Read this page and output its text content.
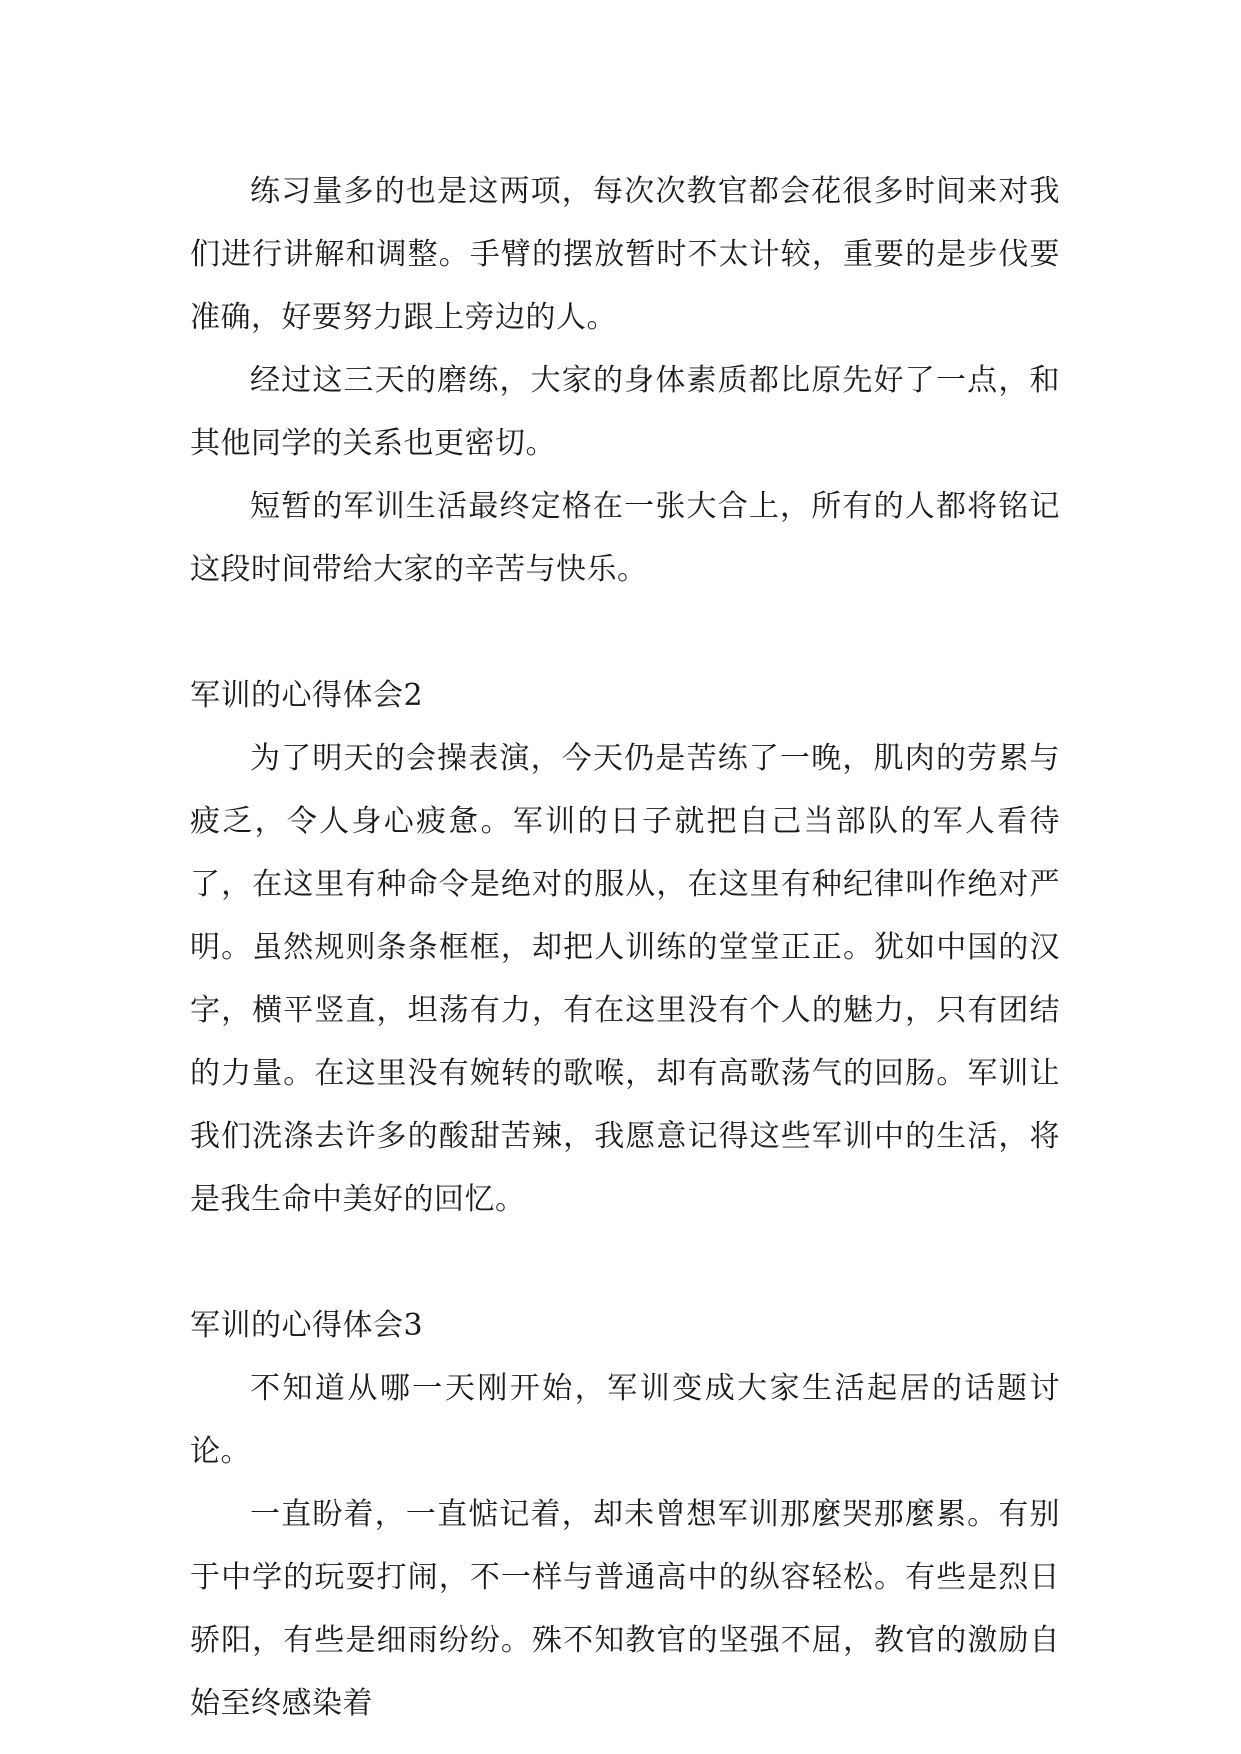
练习量多的也是这两项，每次次教官都会花很多时间来对我们进行讲解和调整。手臂的摆放暂时不太计较，重要的是步伐要准确，好要努力跟上旁边的人。

经过这三天的磨练，大家的身体素质都比原先好了一点，和其他同学的关系也更密切。

短暂的军训生活最终定格在一张大合上，所有的人都将铭记这段时间带给大家的辛苦与快乐。

军训的心得体会2

为了明天的会操表演，今天仍是苦练了一晚，肌肉的劳累与疲乏，令人身心疲惫。军训的日子就把自己当部队的军人看待了，在这里有种命令是绝对的服从，在这里有种纪律叫作绝对严明。虽然规则条条框框，却把人训练的堂堂正正。犹如中国的汉字，横平竖直，坦荡有力，有在这里没有个人的魅力，只有团结的力量。在这里没有婉转的歌喉，却有高歌荡气的回肠。军训让我们洗涤去许多的酸甜苦辣，我愿意记得这些军训中的生活，将是我生命中美好的回忆。

军训的心得体会3

不知道从哪一天刚开始，军训变成大家生活起居的话题讨论。

一直盼着，一直惦记着，却未曾想军训那麼哭那麼累。有别于中学的玩耍打闹，不一样与普通高中的纵容轻松。有些是烈日骄阳，有些是细雨纷纷。殊不知教官的坚强不屈，教官的激励自始至终感染着
